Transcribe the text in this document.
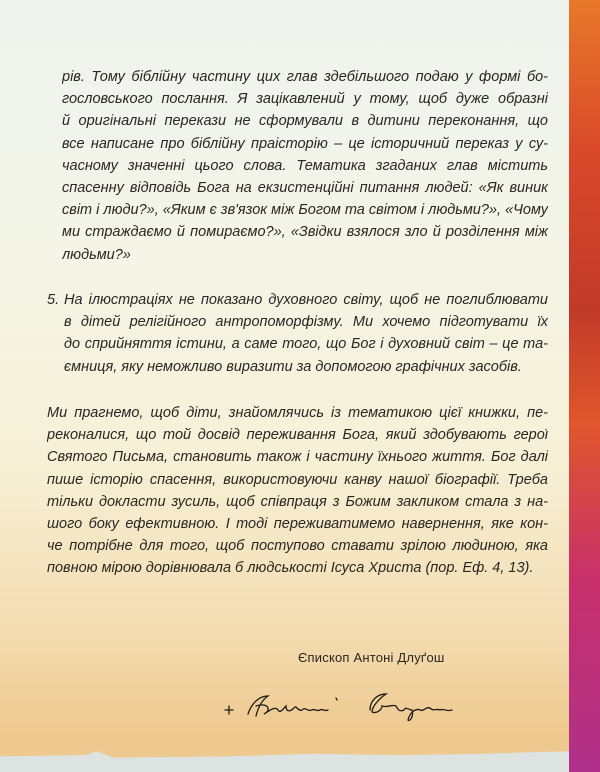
рів. Тому біблійну частину цих глав здебільшого подаю у формі бо-
гословського послання. Я зацікавлений у тому, щоб дуже образні
й оригінальні перекази не сформували в дитини переконання, що
все написане про біблійну праісторію – це історичний переказ у су-
часному значенні цього слова. Тематика згаданих глав містить
спасенну відповідь Бога на екзистенційні питання людей: «Як виник
світ і люди?», «Яким є зв'язок між Богом та світом і людьми?», «Чому
ми страждаємо й помираємо?», «Звідки взялося зло й розділення між
людьми?»
5. На ілюстраціях не показано духовного світу, щоб не поглиблювати
в дітей релігійного антропоморфізму. Ми хочемо підготувати їх
до сприйняття істини, а саме того, що Бог і духовний світ – це та-
ємниця, яку неможливо виразити за допомогою графічних засобів.
Ми прагнемо, щоб діти, знайомлячись із тематикою цієї книжки, пе-
реконалися, що той досвід переживання Бога, який здобувають герої
Святого Письма, становить також і частину їхнього життя. Бог далі
пише історію спасення, використовуючи канву нашої біографії. Треба
тільки докласти зусиль, щоб співпраця з Божим закликом стала з на-
шого боку ефективною. І тоді переживатимемо навернення, яке кон-
че потрібне для того, щоб поступово ставати зрілою людиною, яка
повною мірою дорівнювала б людськості Ісуса Христа (пор. Еф. 4, 13).
Єпископ Антоні Длуґош
